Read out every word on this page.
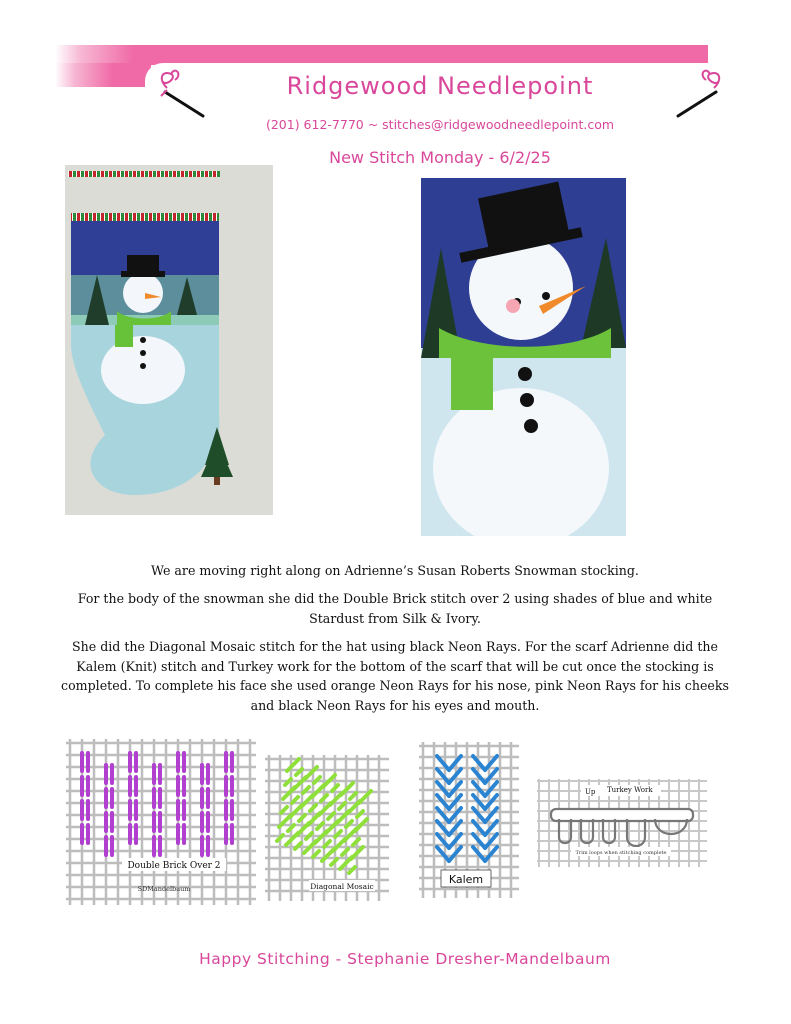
Ridgewood Needlepoint
(201) 612-7770 ~ stitches@ridgewoodneedlepoint.com
New Stitch Monday - 6/2/25

We are moving right along on Adrienne’s Susan Roberts Snowman stocking.

For the body of the snowman she did the Double Brick stitch over 2 using shades of blue and white Stardust from Silk & Ivory.

She did the Diagonal Mosaic stitch for the hat using black Neon Rays. For the scarf Adrienne did the Kalem (Knit) stitch and Turkey work for the bottom of the scarf that will be cut once the stocking is completed. To complete his face she used orange Neon Rays for his nose, pink Neon Rays for his cheeks and black Neon Rays for his eyes and mouth.

Double Brick Over 2
SDMandelbaum	Diagonal Mosaic
Kalem
Up Turkey Work
Trim loops when stitching complete
Happy Stitching - Stephanie Dresher-Mandelbaum
